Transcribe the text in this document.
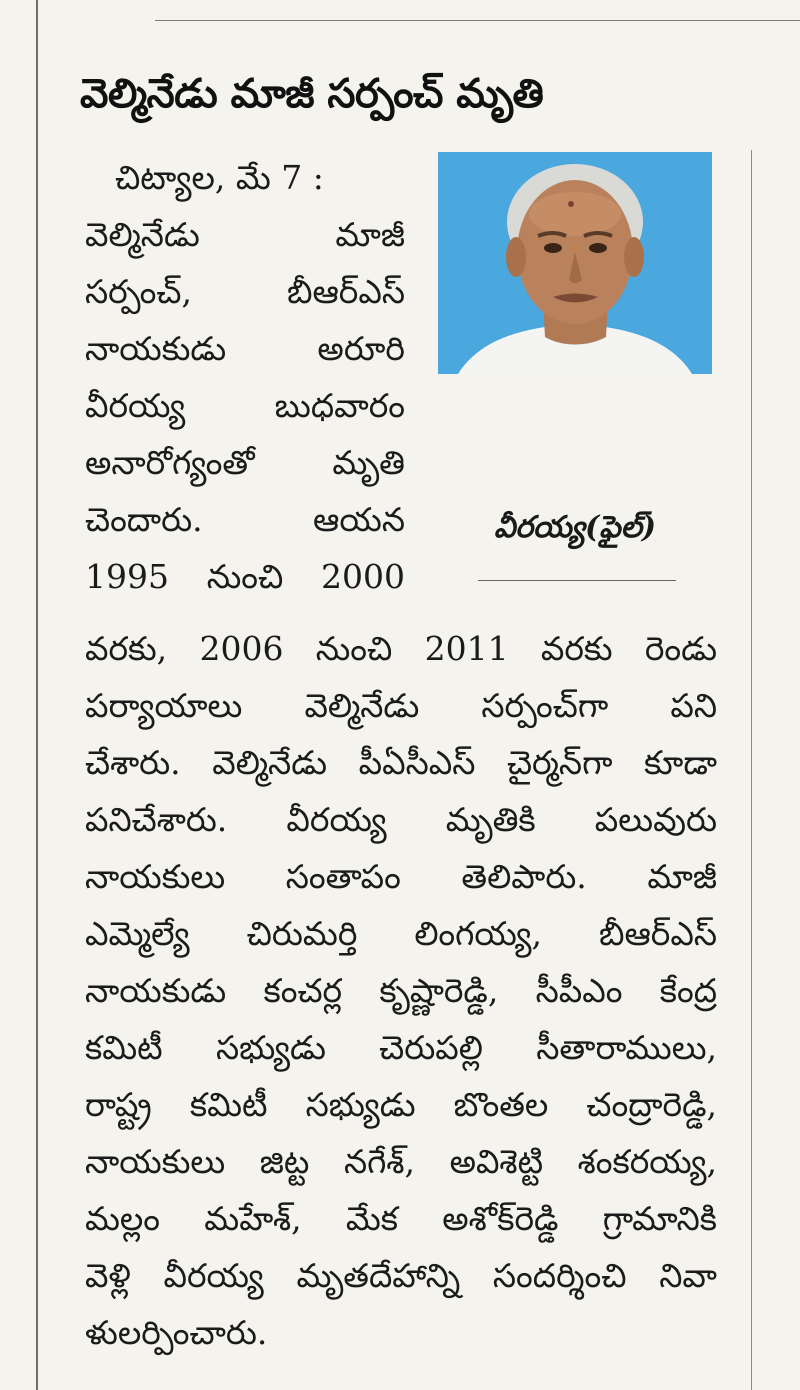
వెల్మినేడు మాజీ సర్పంచ్ మృతి
వీరయ్య(ఫైల్)
చిట్యాల, మే 7 :
వెల్మినేడు మాజీ
సర్పంచ్, బీఆర్ఎస్
నాయకుడు అరూరి
వీరయ్య బుధవారం
అనారోగ్యంతో మృతి
చెందారు. ఆయన
1995 నుంచి 2000
వరకు, 2006 నుంచి 2011 వరకు రెండు
పర్యాయాలు వెల్మినేడు సర్పంచ్‌గా పని
చేశారు. వెల్మినేడు పీఏసీఎస్ చైర్మన్‌గా కూడా
పనిచేశారు. వీరయ్య మృతికి పలువురు
నాయకులు సంతాపం తెలిపారు. మాజీ
ఎమ్మెల్యే చిరుమర్తి లింగయ్య, బీఆర్ఎస్
నాయకుడు కంచర్ల కృష్ణారెడ్డి, సీపీఎం కేంద్ర
కమిటీ సభ్యుడు చెరుపల్లి సీతారాములు,
రాష్ట్ర కమిటీ సభ్యుడు బొంతల చంద్రారెడ్డి,
నాయకులు జిట్ట నగేశ్, అవిశెట్టి శంకరయ్య,
మల్లం మహేశ్, మేక అశోక్‌రెడ్డి గ్రామానికి
వెళ్లి వీరయ్య మృతదేహాన్ని సందర్శించి నివా
ళులర్పించారు.
